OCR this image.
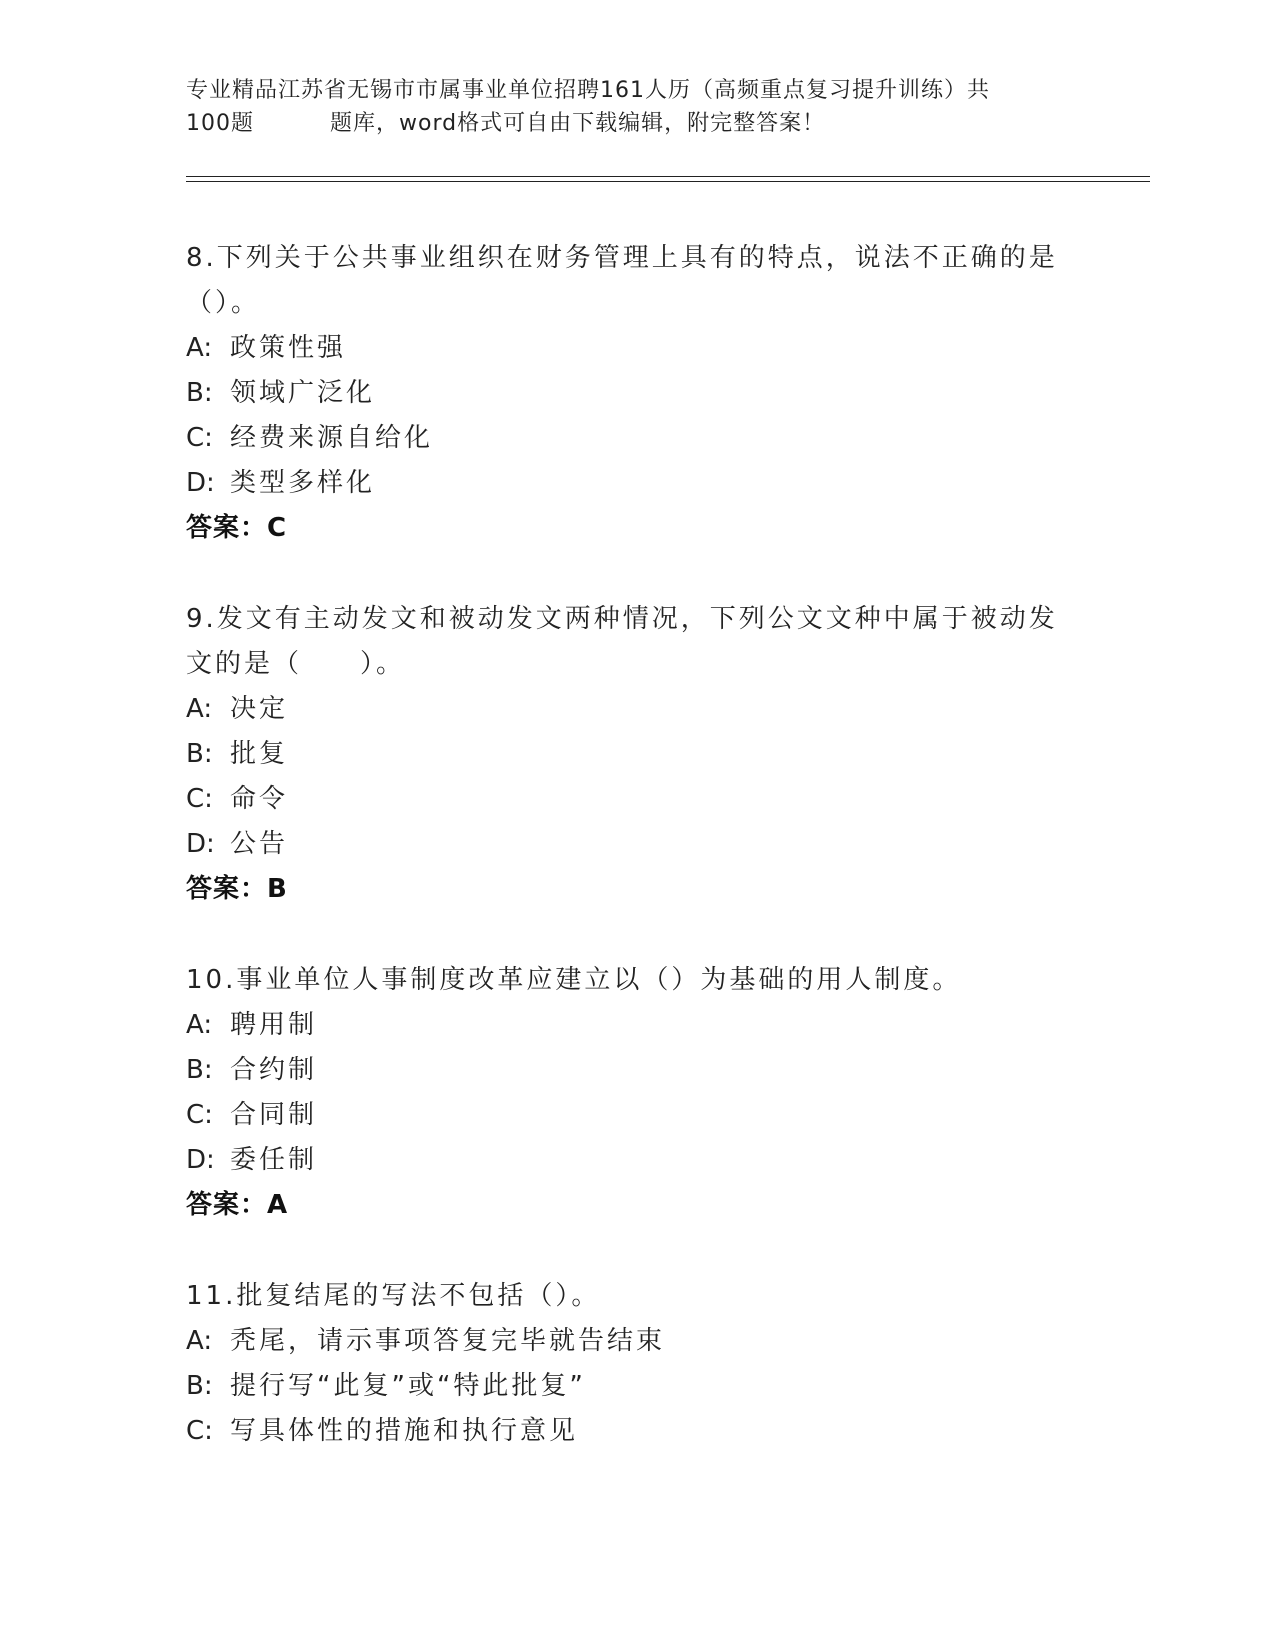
专业精品江苏省无锡市市属事业单位招聘161人历（高频重点复习提升训练）共
100题	题库，word格式可自由下载编辑，附完整答案！
8.下列关于公共事业组织在财务管理上具有的特点，说法不正确的是（）。
A: 政策性强
B: 领域广泛化
C: 经费来源自给化
D: 类型多样化
答案：C
9.发文有主动发文和被动发文两种情况，下列公文文种中属于被动发文的是（　　）。
A: 决定
B: 批复
C: 命令
D: 公告
答案：B
10.事业单位人事制度改革应建立以（）为基础的用人制度。
A: 聘用制
B: 合约制
C: 合同制
D: 委任制
答案：A
11.批复结尾的写法不包括（）。
A: 秃尾，请示事项答复完毕就告结束
B: 提行写“此复”或“特此批复”
C: 写具体性的措施和执行意见
